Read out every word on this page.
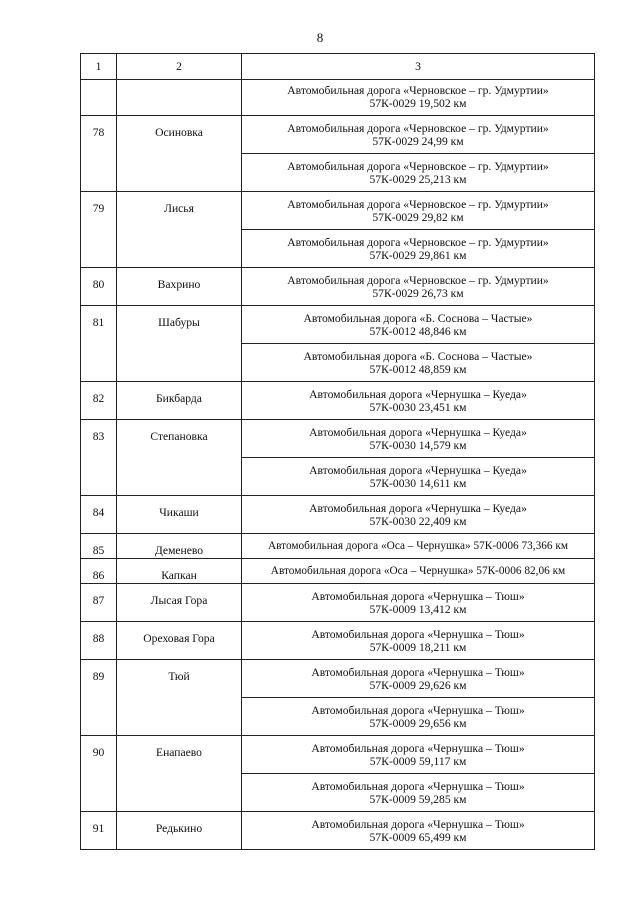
8
1	2	3

		Автомобильная дорога «Черновское – гр. Удмуртии»
57К-0029 19,502 км

78	Осиновка	Автомобильная дорога «Черновское – гр. Удмуртии»
57К-0029 24,99 км

		Автомобильная дорога «Черновское – гр. Удмуртии»
57К-0029 25,213 км

79	Лисья	Автомобильная дорога «Черновское – гр. Удмуртии»
57К-0029 29,82 км

		Автомобильная дорога «Черновское – гр. Удмуртии»
57К-0029 29,861 км

80	Вахрино	Автомобильная дорога «Черновское – гр. Удмуртии»
57К-0029 26,73 км

81	Шабуры	Автомобильная дорога «Б. Соснова – Частые»
57К-0012 48,846 км

		Автомобильная дорога «Б. Соснова – Частые»
57К-0012 48,859 км

82	Бикбарда	Автомобильная дорога «Чернушка – Куеда»
57К-0030 23,451 км

83	Степановка	Автомобильная дорога «Чернушка – Куеда»
57К-0030 14,579 км

		Автомобильная дорога «Чернушка – Куеда»
57К-0030 14,611 км

84	Чикаши	Автомобильная дорога «Чернушка – Куеда»
57К-0030 22,409 км

85	Деменево	Автомобильная дорога «Оса – Чернушка» 57К-0006 73,366 км
86	Капкан	Автомобильная дорога «Оса – Чернушка» 57К-0006 82,06 км
87	Лысая Гора	Автомобильная дорога «Чернушка – Тюш»
57К-0009 13,412 км

88	Ореховая Гора	Автомобильная дорога «Чернушка – Тюш»
57К-0009 18,211 км

89	Тюй	Автомобильная дорога «Чернушка – Тюш»
57К-0009 29,626 км

		Автомобильная дорога «Чернушка – Тюш»
57К-0009 29,656 км

90	Енапаево	Автомобильная дорога «Чернушка – Тюш»
57К-0009 59,117 км

		Автомобильная дорога «Чернушка – Тюш»
57К-0009 59,285 км

91	Редькино	Автомобильная дорога «Чернушка – Тюш»
57К-0009 65,499 км
